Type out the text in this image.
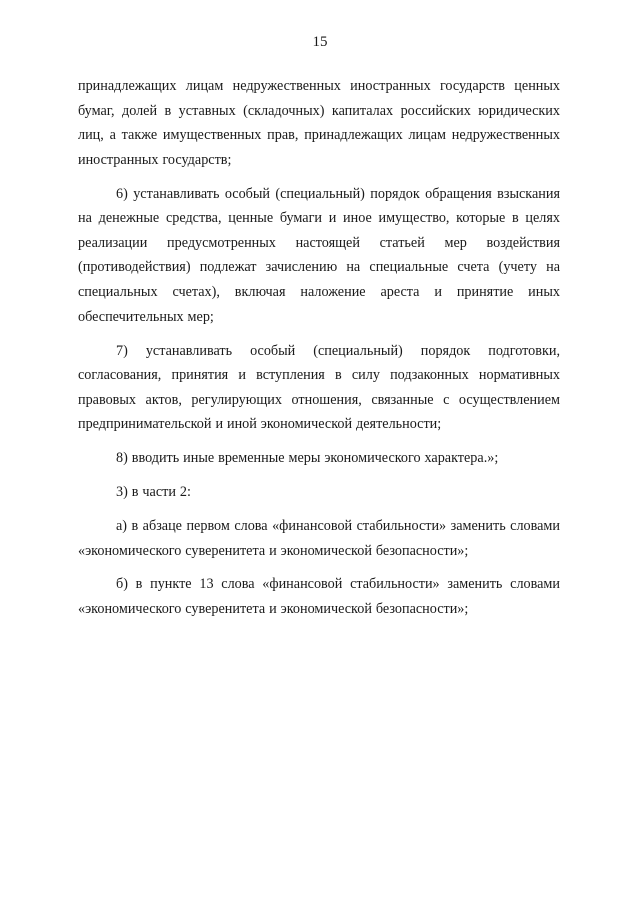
15

принадлежащих лицам недружественных иностранных государств ценных бумаг, долей в уставных (складочных) капиталах российских юридических лиц, а также имущественных прав, принадлежащих лицам недружественных иностранных государств;

6) устанавливать особый (специальный) порядок обращения взыскания на денежные средства, ценные бумаги и иное имущество, которые в целях реализации предусмотренных настоящей статьей мер воздействия (противодействия) подлежат зачислению на специальные счета (учету на специальных счетах), включая наложение ареста и принятие иных обеспечительных мер;

7) устанавливать особый (специальный) порядок подготовки, согласования, принятия и вступления в силу подзаконных нормативных правовых актов, регулирующих отношения, связанные с осуществлением предпринимательской и иной экономической деятельности;

8) вводить иные временные меры экономического характера.»;

3) в части 2:

а) в абзаце первом слова «финансовой стабильности» заменить словами «экономического суверенитета и экономической безопасности»;

б) в пункте 13 слова «финансовой стабильности» заменить словами «экономического суверенитета и экономической безопасности»;
